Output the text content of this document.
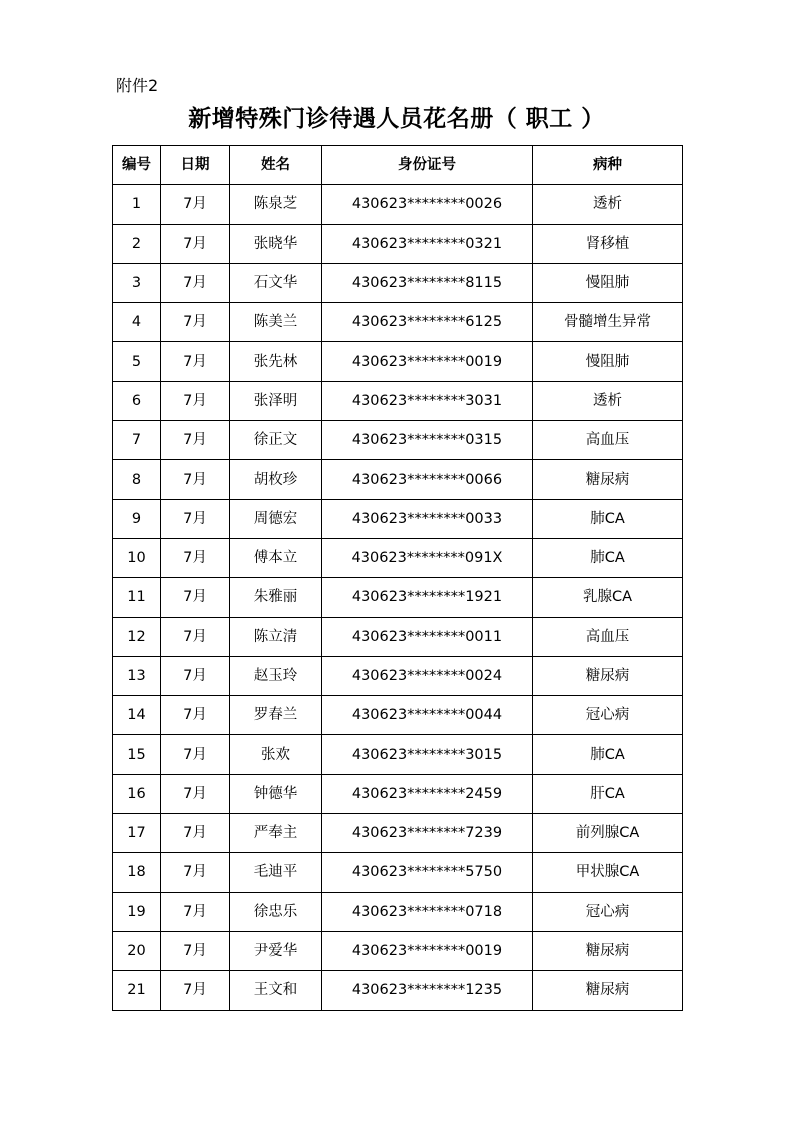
附件2
新增特殊门诊待遇人员花名册（ 职工 ）
编号	日期	姓名	身份证号	病种
1	7月	陈泉芝	430623********0026	透析
2	7月	张晓华	430623********0321	肾移植
3	7月	石文华	430623********8115	慢阻肺
4	7月	陈美兰	430623********6125	骨髓增生异常
5	7月	张先林	430623********0019	慢阻肺
6	7月	张泽明	430623********3031	透析
7	7月	徐正文	430623********0315	高血压
8	7月	胡枚珍	430623********0066	糖尿病
9	7月	周德宏	430623********0033	肺CA
10	7月	傅本立	430623********091X	肺CA
11	7月	朱雅丽	430623********1921	乳腺CA
12	7月	陈立清	430623********0011	高血压
13	7月	赵玉玲	430623********0024	糖尿病
14	7月	罗春兰	430623********0044	冠心病
15	7月	张欢	430623********3015	肺CA
16	7月	钟德华	430623********2459	肝CA
17	7月	严奉主	430623********7239	前列腺CA
18	7月	毛迪平	430623********5750	甲状腺CA
19	7月	徐忠乐	430623********0718	冠心病
20	7月	尹爱华	430623********0019	糖尿病
21	7月	王文和	430623********1235	糖尿病
